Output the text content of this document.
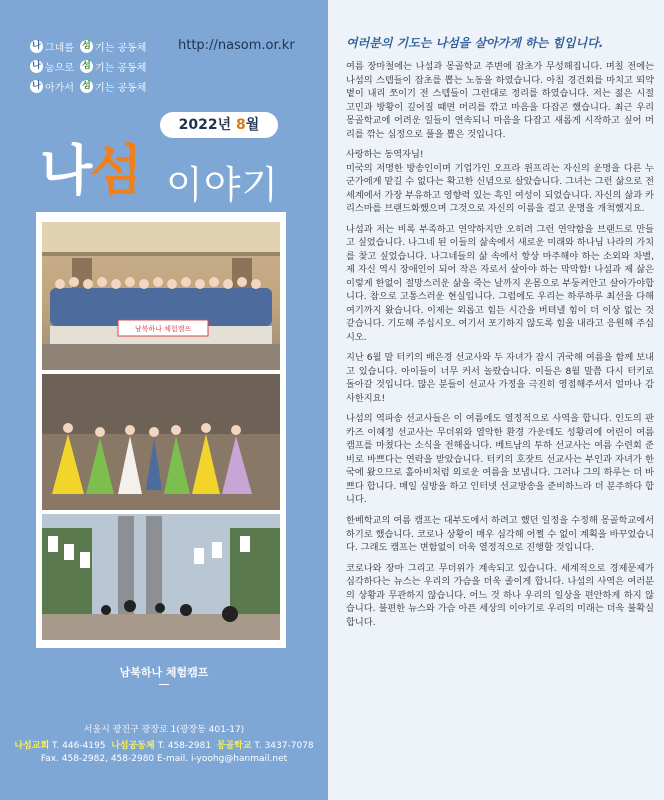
나 그네를 섬 기는 공동체
나 눔으로 섬 기는 공동체
나 아가서 섬 기는 공동체
http://nasom.or.kr
2022년 8월
나섬 이야기
남북하나 체험캠프
남북하나 체험캠프
서울시 광진구 광장로 1(광장동 401-17)
나섬교회 T. 446-4195 나섬공동체 T. 458-2981 몽골학교 T. 3437-7078
Fax. 458-2982, 458-2980 E-mail. i-yoohg@hanmail.net
여러분의 기도는 나섬을 살아가게 하는 힘입니다.

여름 장마철에는 나섬과 몽골학교 주변에 잡초가 무성해집니다. 며칠 전에는 나섬의 스텝들이 잡초를 뽑는 노동을 하였습니다. 아침 경건회를 마치고 뙤약볕이 내리 쪼이기 전 스텝들이 그런대로 정리를 하였습니다. 저는 젊은 시절 고민과 방황이 깊어질 때면 머리를 깎고 마음을 다잡곤 했습니다. 최근 우리 몽골학교에 어려운 일들이 연속되니 마음을 다잡고 새롭게 시작하고 싶어 머리를 깎는 심정으로 풀을 뽑은 것입니다.

사랑하는 동역자님!
미국의 저명한 방송인이며 기업가인 오프라 윈프리는 자신의 운명을 다른 누군가에게 맡길 수 없다는 확고한 신념으로 살았습니다. 그녀는 그런 삶으로 전 세계에서 가장 부유하고 영향력 있는 흑인 여성이 되었습니다. 자신의 삶과 카리스마를 브랜드화했으며 그것으로 자신의 이름을 걸고 운명을 개척했지요.

나섬과 저는 비록 부족하고 연약하지만 오히려 그런 연약함을 브랜드로 만들고 싶었습니다. 나그네 된 이들의 삶속에서 새로운 미래와 하나님 나라의 가치를 찾고 싶었습니다. 나그네들의 삶 속에서 항상 마주해야 하는 소외와 차별, 제 자신 역시 장애인이 되어 작은 자로서 살아야 하는 막막함! 나섬과 제 삶은 이렇게 한없이 절망스러운 삶을 죽는 날까지 온몸으로 부둥켜안고 살아가야합니다. 참으로 고통스러운 현실입니다. 그럼에도 우리는 하루하루 최선을 다해 여기까지 왔습니다. 이제는 외롭고 힘든 시간을 버텨낼 힘이 더 이상 없는 것 같습니다. 기도해 주십시오. 여기서 포기하지 않도록 힘을 내라고 응원해 주십시오.

지난 6월 말 터키의 배은경 선교사와 두 자녀가 잠시 귀국해 여름을 함께 보내고 있습니다. 아이들이 너무 커서 놀랐습니다. 이들은 8월 말쯤 다시 터키로 돌아갈 것입니다. 많은 분들이 선교사 가정을 극진히 영접해주셔서 얼마나 감사한지요!

나섬의 역파송 선교사들은 이 여름에도 열정적으로 사역을 합니다. 인도의 판카즈 이혜정 선교사는 무더위와 열악한 환경 가운데도 성황리에 어린이 여름 캠프를 마쳤다는 소식을 전해옵니다. 베트남의 투하 선교사는 여름 수련회 준비로 바쁘다는 연락을 받았습니다. 터키의 호잣트 선교사는 부인과 자녀가 한국에 왔으므로 홀아비처럼 외로운 여름을 보냅니다. 그러나 그의 하루는 더 바쁘다 합니다. 매일 심방을 하고 인터넷 선교방송을 준비하느라 더 분주하다 합니다.

한베학교의 여름 캠프는 대부도에서 하려고 했던 일정을 수정해 몽골학교에서 하기로 했습니다. 코로나 상황이 매우 심각해 어쩔 수 없이 계획을 바꾸었습니다. 그래도 캠프는 변함없이 더욱 열정적으로 진행할 것입니다.

코로나와 장마 그리고 무더위가 계속되고 있습니다. 세계적으로 경제문제가 심각하다는 뉴스는 우리의 가슴을 더욱 졸이게 합니다. 나섬의 사역은 여러분의 상황과 무관하지 않습니다. 어느 것 하나 우리의 일상을 편안하게 하지 않습니다. 불편한 뉴스와 가슴 아픈 세상의 이야기로 우리의 미래는 더욱 불확실합니다.
